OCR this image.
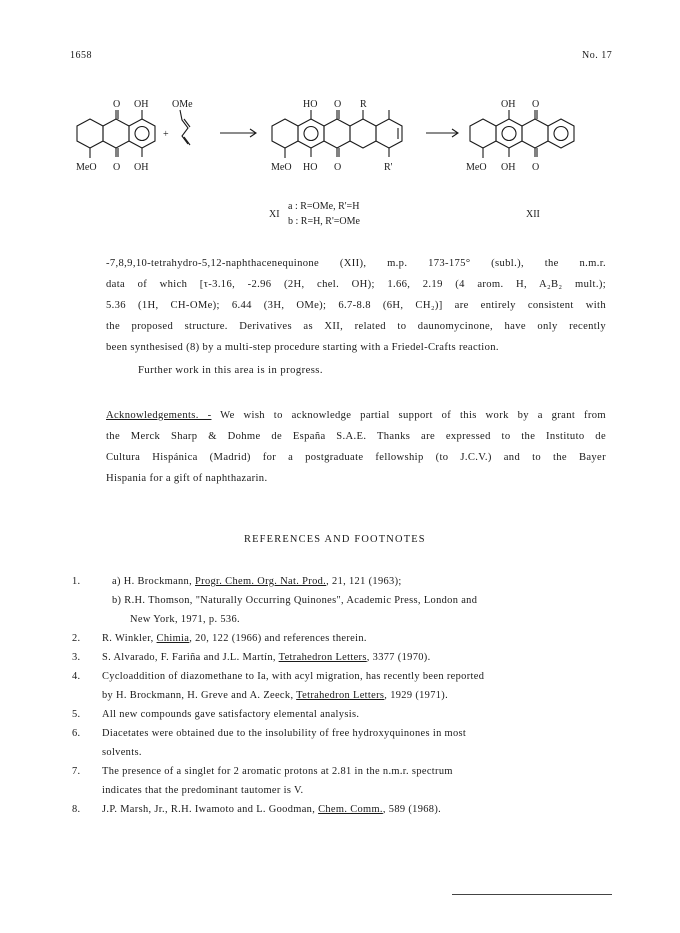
1658	No. 17
O OH
MeO O OH
OMe
+
HO O R
MeO HO O	R'
OH O
MeO OH O
XI
a : R=OMe, R'=H
b : R=H, R'=OMe
XII
-7,8,9,10-tetrahydro-5,12-naphthacenequinone (XII), m.p. 173-175° (subl.), the n.m.r.
data of which [τ-3.16, -2.96 (2H, chel. OH); 1.66, 2.19 (4 arom. H, A₂B₂ mult.);
5.36 (1H, CH-OMe); 6.44 (3H, OMe); 6.7-8.8 (6H, CH₂)] are entirely consistent with
the proposed structure. Derivatives as XII, related to daunomycinone, have only recently
been synthesised (8) by a multi-step procedure starting with a Friedel-Crafts reaction.
Further work in this area is in progress.
Acknowledgements. - We wish to acknowledge partial support of this work by a grant from
the Merck Sharp & Dohme de España S.A.E. Thanks are expressed to the Instituto de
Cultura Hispánica (Madrid) for a postgraduate fellowship (to J.C.V.) and to the Bayer
Hispania for a gift of naphthazarin.
REFERENCES AND FOOTNOTES
1.	a) H. Brockmann, Progr. Chem. Org. Nat. Prod., 21, 121 (1963);
b) R.H. Thomson, "Naturally Occurring Quinones", Academic Press, London and
New York, 1971, p. 536.
2.	R. Winkler, Chimia, 20, 122 (1966) and references therein.
3.	S. Alvarado, F. Fariña and J.L. Martín, Tetrahedron Letters, 3377 (1970).
4.	Cycloaddition of diazomethane to Ia, with acyl migration, has recently been reported
by H. Brockmann, H. Greve and A. Zeeck, Tetrahedron Letters, 1929 (1971).
5.	All new compounds gave satisfactory elemental analysis.
6.	Diacetates were obtained due to the insolubility of free hydroxyquinones in most
solvents.
7.	The presence of a singlet for 2 aromatic protons at 2.81 in the n.m.r. spectrum
indicates that the predominant tautomer is V.
8.	J.P. Marsh, Jr., R.H. Iwamoto and L. Goodman, Chem. Comm., 589 (1968).
